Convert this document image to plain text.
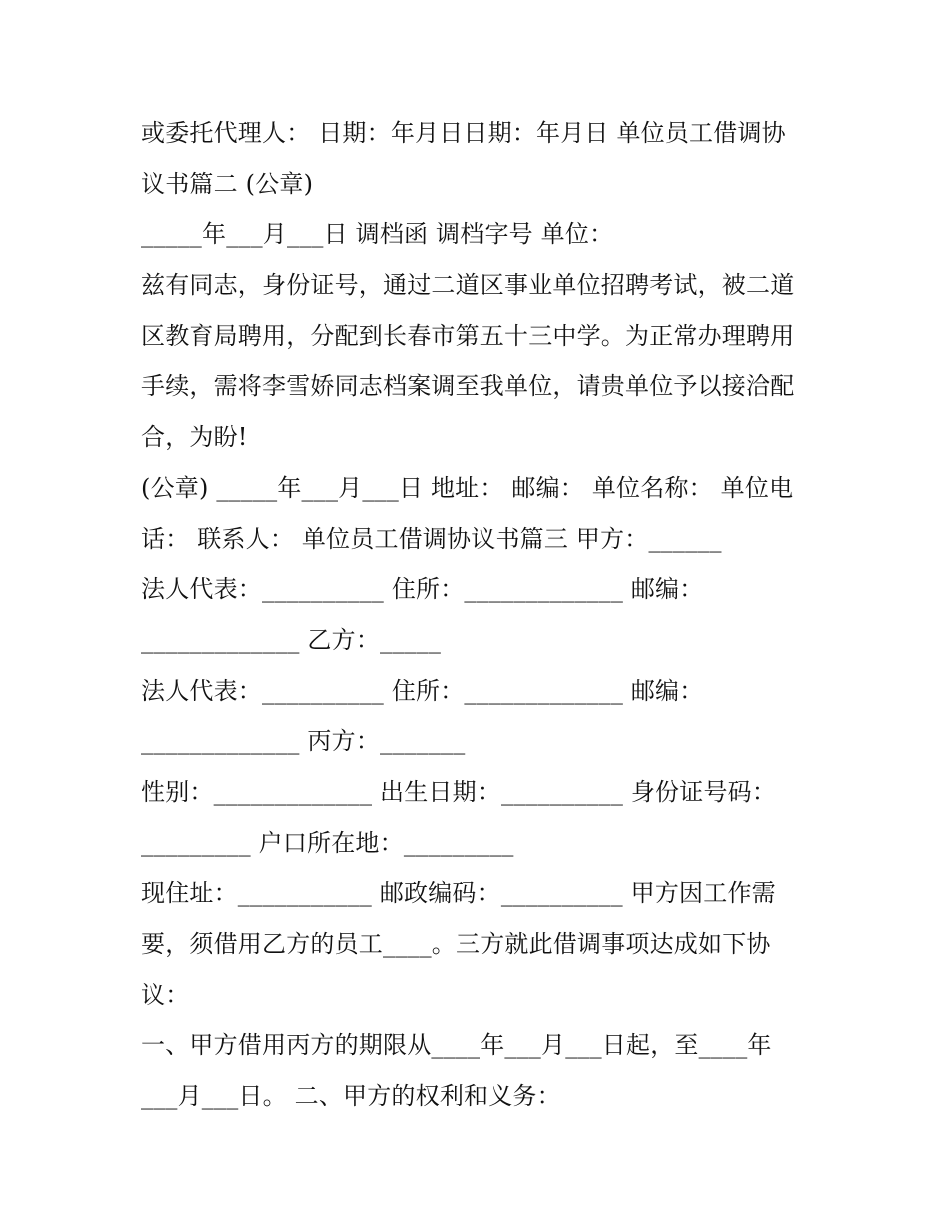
或委托代理人： 日期：年月日日期：年月日 单位员工借调协
议书篇二 (公章)
_____年___月___日 调档函 调档字号 单位：
兹有同志，身份证号，通过二道区事业单位招聘考试，被二道
区教育局聘用，分配到长春市第五十三中学。为正常办理聘用
手续，需将李雪娇同志档案调至我单位，请贵单位予以接洽配
合，为盼!
(公章) _____年___月___日 地址： 邮编： 单位名称： 单位电
话： 联系人： 单位员工借调协议书篇三 甲方：______
法人代表：__________ 住所：_____________ 邮编：
_____________ 乙方：_____
法人代表：__________ 住所：_____________ 邮编：
_____________ 丙方：_______
性别：_____________ 出生日期：__________ 身份证号码：
_________ 户口所在地：_________
现住址：___________ 邮政编码：__________ 甲方因工作需
要，须借用乙方的员工____。三方就此借调事项达成如下协
议：
一、甲方借用丙方的期限从____年___月___日起，至____年
___月___日。 二、甲方的权利和义务：
